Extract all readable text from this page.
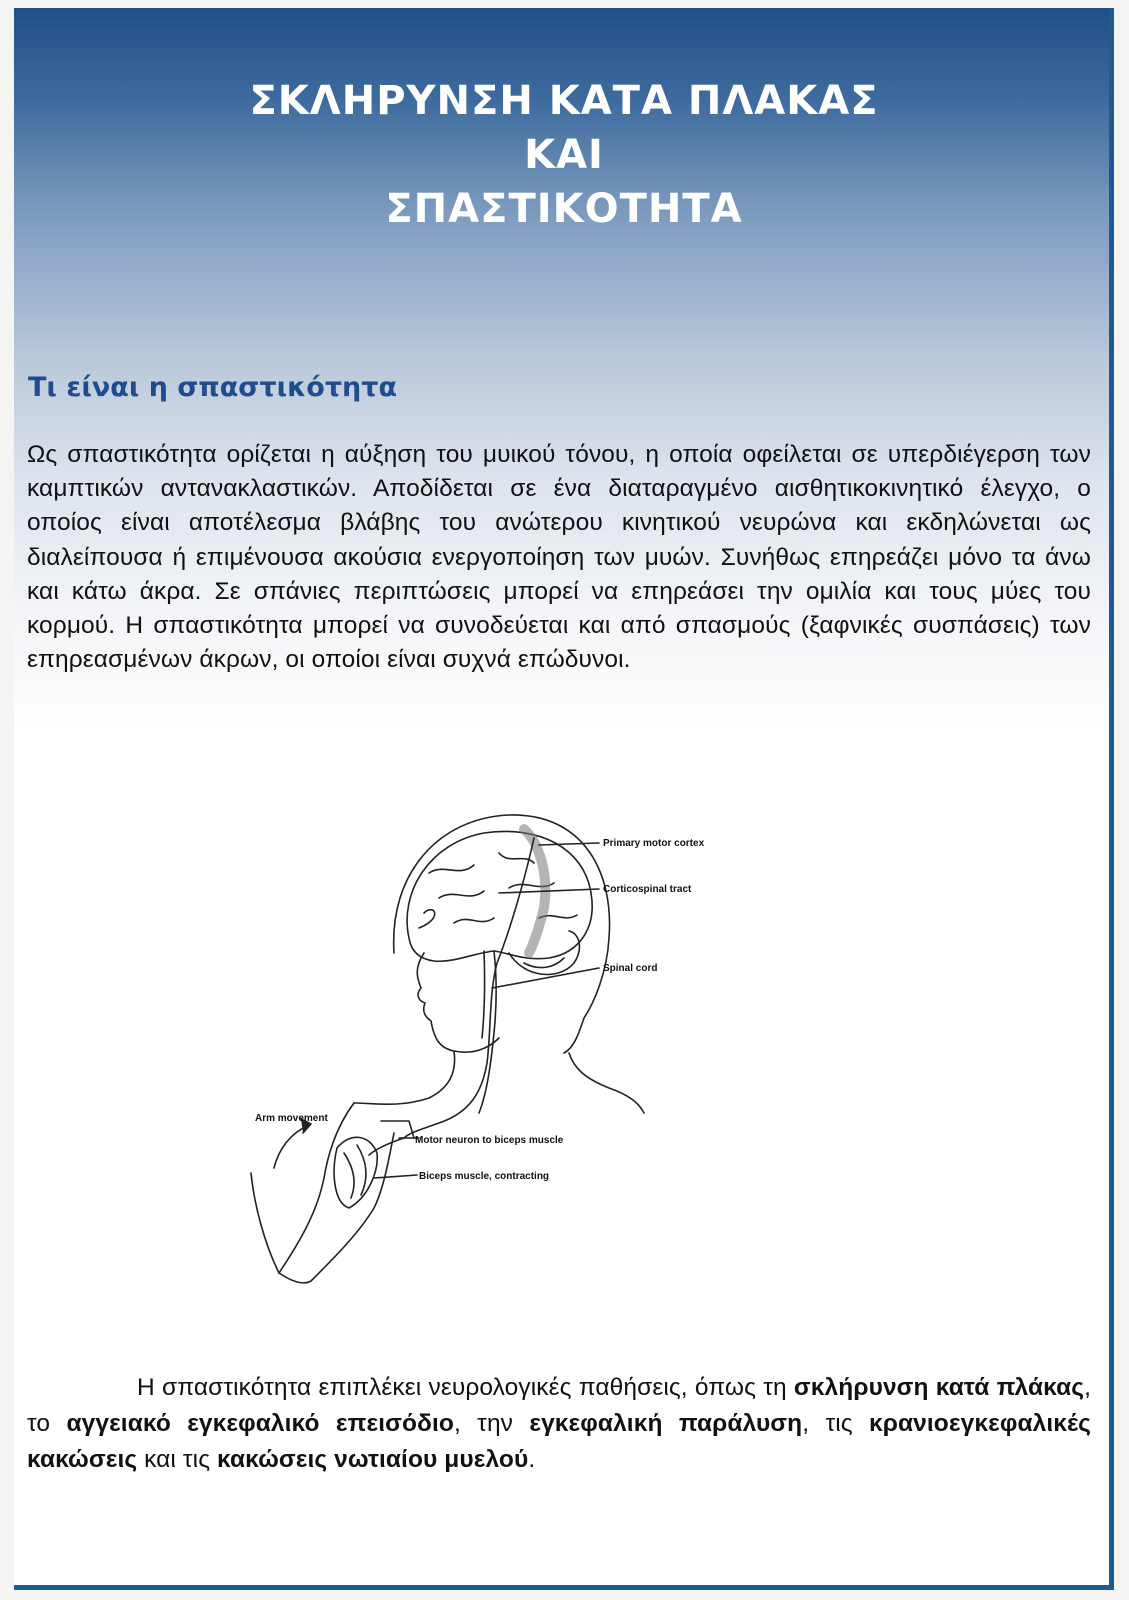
ΣΚΛΗΡΥΝΣΗ ΚΑΤΑ ΠΛΑΚΑΣ
ΚΑΙ
ΣΠΑΣΤΙΚΟΤΗΤΑ
Τι είναι η σπαστικότητα
Ως σπαστικότητα ορίζεται η αύξηση του μυικού τόνου, η οποία οφείλεται σε υπερδιέγερση των καμπτικών αντανακλαστικών. Αποδίδεται σε ένα διαταραγμένο αισθητικοκινητικό έλεγχο, ο οποίος είναι αποτέλεσμα βλάβης του ανώτερου κινητικού νευρώνα και εκδηλώνεται ως διαλείπουσα ή επιμένουσα ακούσια ενεργοποίηση των μυών. Συνήθως επηρεάζει μόνο τα άνω και κάτω άκρα. Σε σπάνιες περιπτώσεις μπορεί να επηρεάσει την ομιλία και τους μύες του κορμού. Η σπαστικότητα μπορεί να συνοδεύεται και από σπασμούς (ξαφνικές συσπάσεις) των επηρεασμένων άκρων, οι οποίοι είναι συχνά επώδυνοι.
Primary motor cortex
Corticospinal tract
Spinal cord
Arm movement
Motor neuron to biceps muscle
Biceps muscle, contracting
Η σπαστικότητα επιπλέκει νευρολογικές παθήσεις, όπως τη σκλήρυνση κατά πλάκας, το αγγειακό εγκεφαλικό επεισόδιο, την εγκεφαλική παράλυση, τις κρανιοεγκεφαλικές κακώσεις και τις κακώσεις νωτιαίου μυελού.
